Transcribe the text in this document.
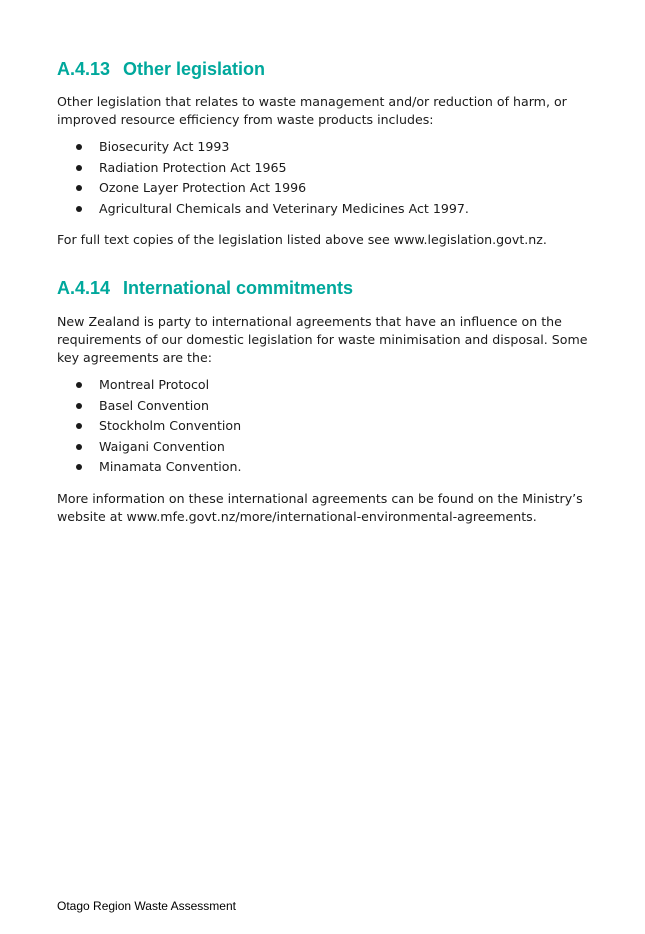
A.4.13 Other legislation

Other legislation that relates to waste management and/or reduction of harm, or improved resource efficiency from waste products includes:

Biosecurity Act 1993
Radiation Protection Act 1965
Ozone Layer Protection Act 1996
Agricultural Chemicals and Veterinary Medicines Act 1997.

For full text copies of the legislation listed above see www.legislation.govt.nz.

A.4.14 International commitments

New Zealand is party to international agreements that have an influence on the requirements of our domestic legislation for waste minimisation and disposal. Some key agreements are the:

Montreal Protocol
Basel Convention
Stockholm Convention
Waigani Convention
Minamata Convention.

More information on these international agreements can be found on the Ministry’s website at www.mfe.govt.nz/more/international-environmental-agreements.

Otago Region Waste Assessment
